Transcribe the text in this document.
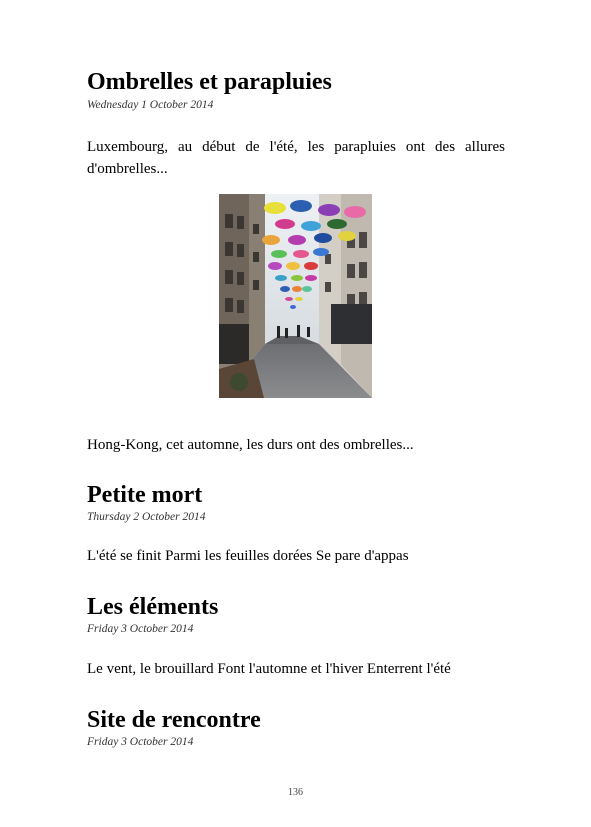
Ombrelles et parapluies
Wednesday 1 October 2014

Luxembourg, au début de l'été, les parapluies ont des allures d'ombrelles...

Hong-Kong, cet automne, les durs ont des ombrelles...

Petite mort
Thursday 2 October 2014

L'été se finit Parmi les feuilles dorées Se pare d'appas

Les éléments
Friday 3 October 2014

Le vent, le brouillard Font l'automne et l'hiver Enterrent l'été

Site de rencontre
Friday 3 October 2014
136
